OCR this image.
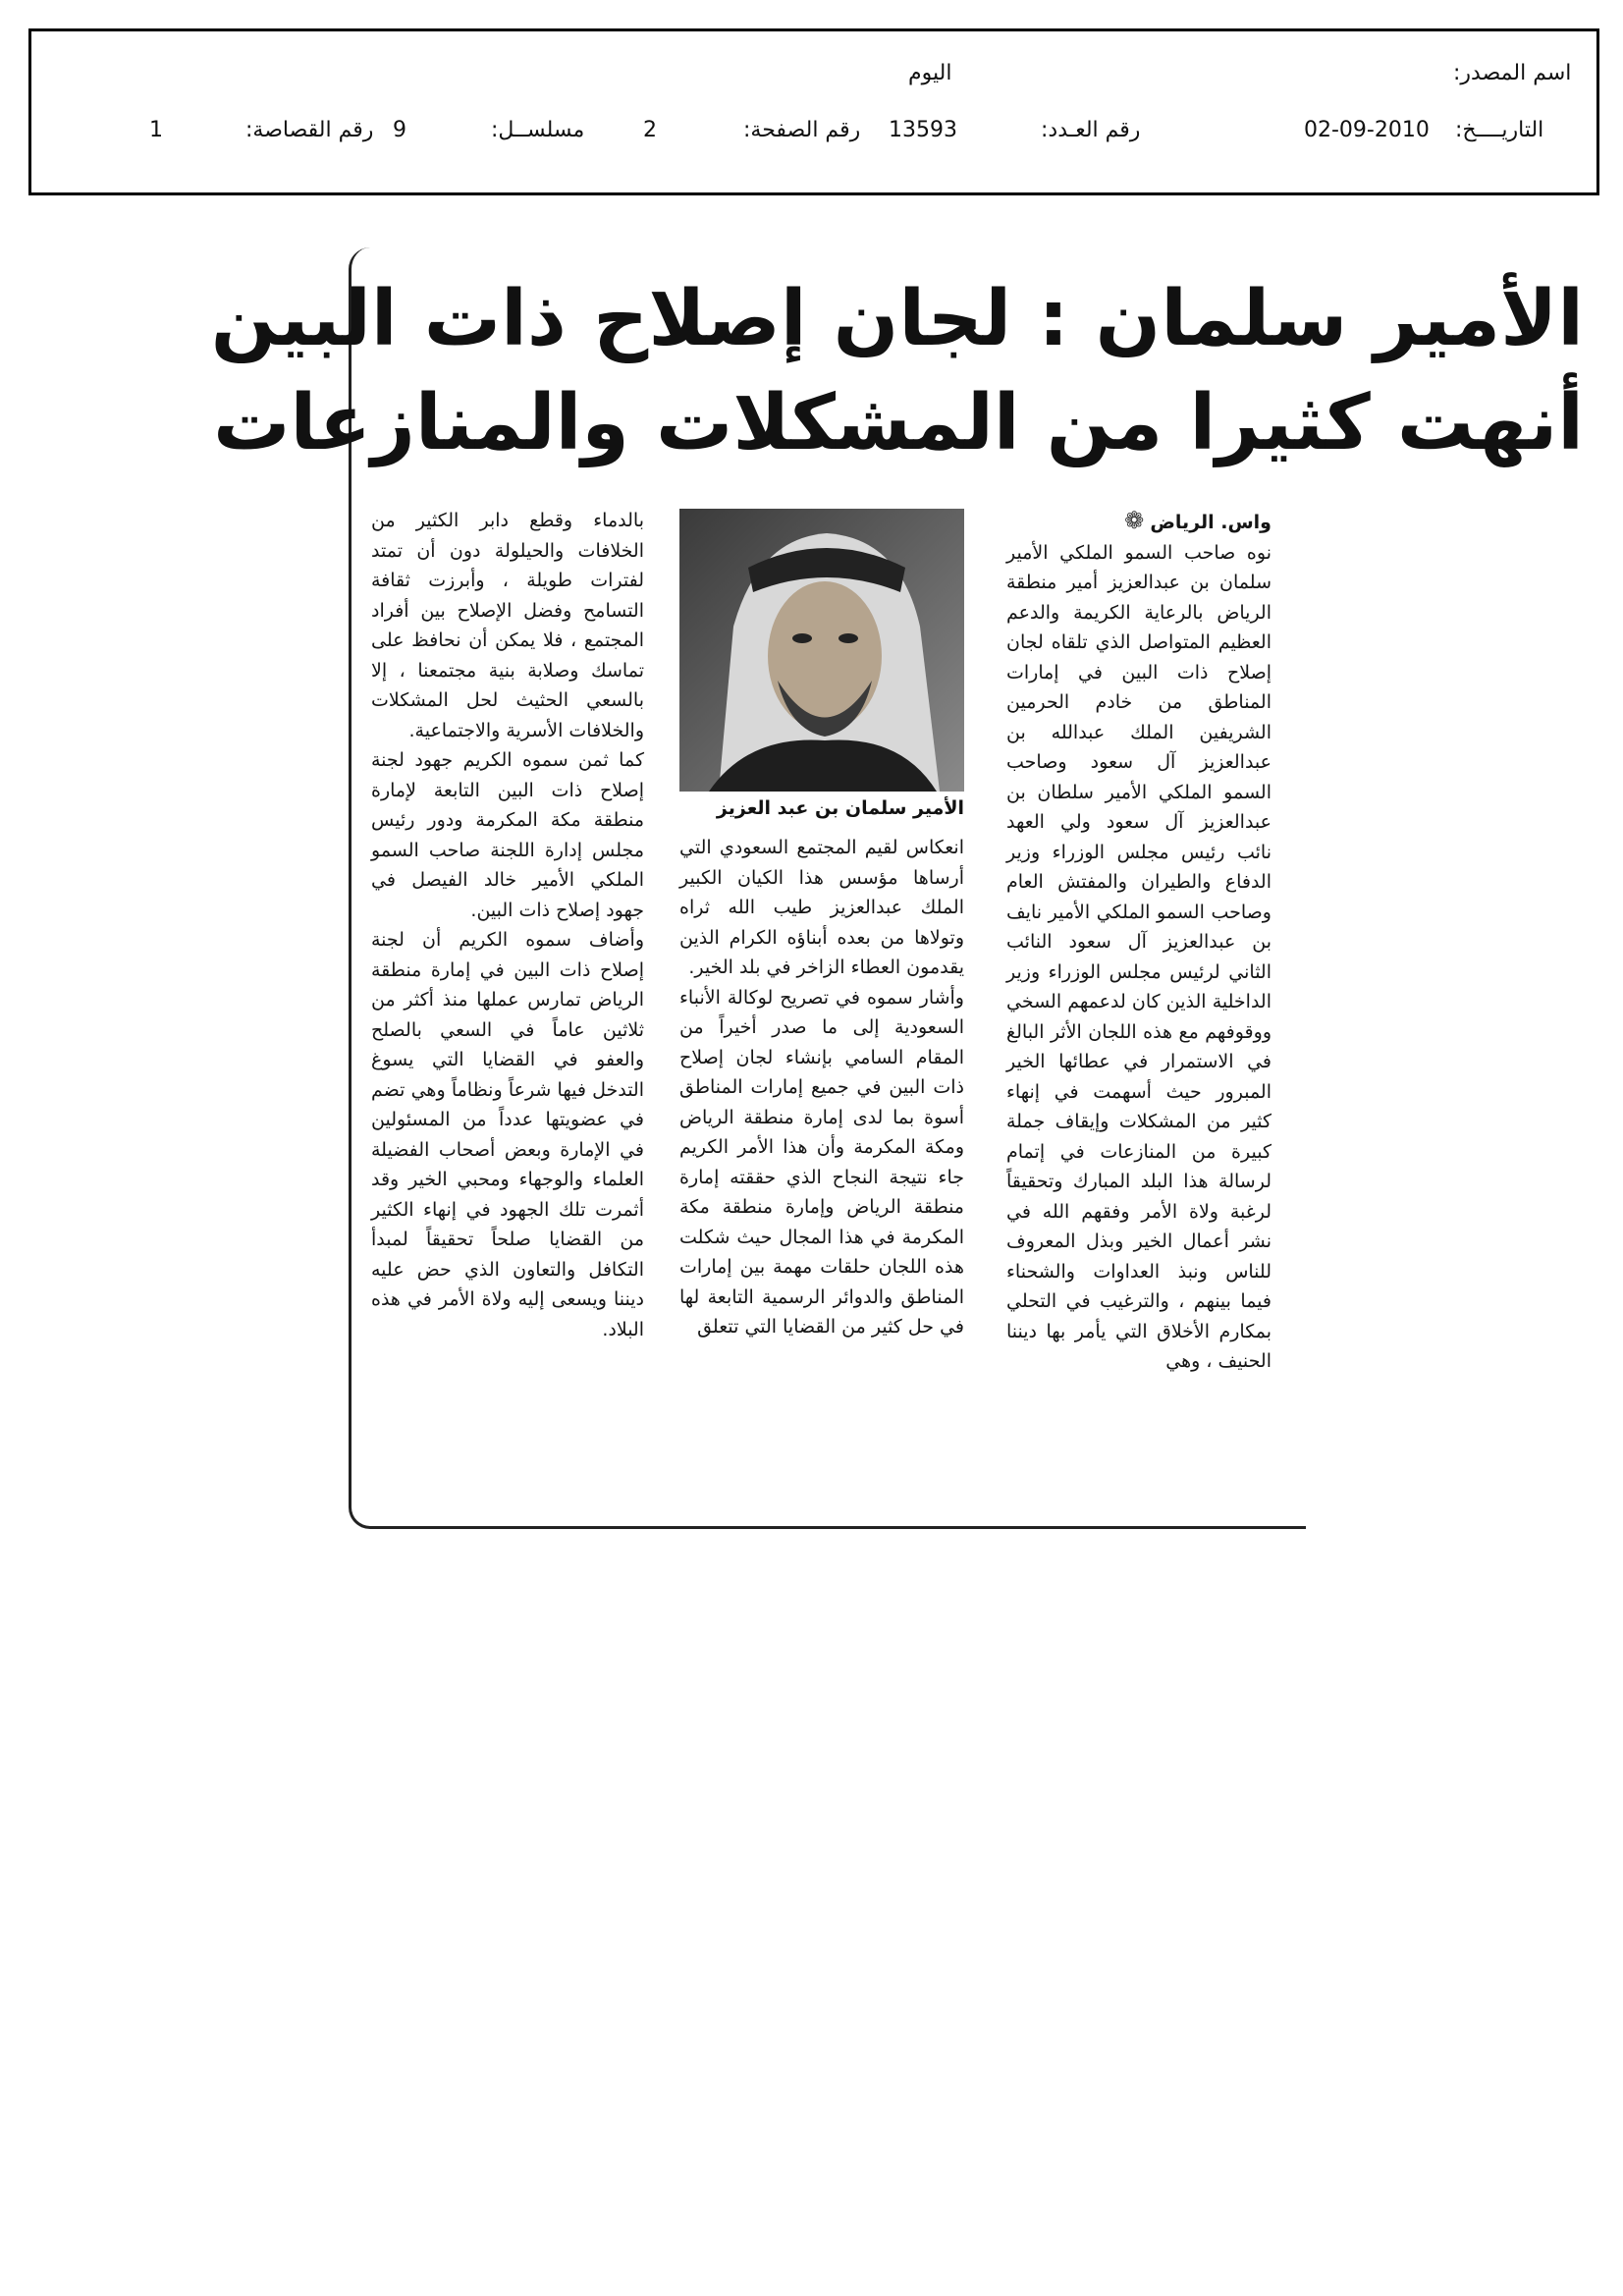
اسم المصدر:
اليوم
التاريــــخ:
02-09-2010
رقم العـدد:
13593
رقم الصفحة:
2
مسلســل:
9
رقم القصاصة:
1
الأمير سلمان : لجان إصلاح ذات البين
أنهت كثيرا من المشكلات والمنازعات

واس. الرياض ❁

نوه صاحب السمو الملكي الأمير سلمان بن عبدالعزيز أمير منطقة الرياض بالرعاية الكريمة والدعم العظيم المتواصل الذي تلقاه لجان إصلاح ذات البين في إمارات المناطق من خادم الحرمين الشريفين الملك عبدالله بن عبدالعزيز آل سعود وصاحب السمو الملكي الأمير سلطان بن عبدالعزيز آل سعود ولي العهد نائب رئيس مجلس الوزراء وزير الدفاع والطيران والمفتش العام وصاحب السمو الملكي الأمير نايف بن عبدالعزيز آل سعود النائب الثاني لرئيس مجلس الوزراء وزير الداخلية الذين كان لدعمهم السخي ووقوفهم مع هذه اللجان الأثر البالغ في الاستمرار في عطائها الخير المبرور حيث أسهمت في إنهاء كثير من المشكلات وإيقاف جملة كبيرة من المنازعات في إتمام لرسالة هذا البلد المبارك وتحقيقاً لرغبة ولاة الأمر وفقهم الله في نشر أعمال الخير وبذل المعروف للناس ونبذ العداوات والشحناء فيما بينهم ، والترغيب في التحلي بمكارم الأخلاق التي يأمر بها ديننا الحنيف ، وهي

الأمير سلمان بن عبد العزيز

انعكاس لقيم المجتمع السعودي التي أرساها مؤسس هذا الكيان الكبير الملك عبدالعزيز طيب الله ثراه وتولاها من بعده أبناؤه الكرام الذين يقدمون العطاء الزاخر في بلد الخير.

وأشار سموه في تصريح لوكالة الأنباء السعودية إلى ما صدر أخيراً من المقام السامي بإنشاء لجان إصلاح ذات البين في جميع إمارات المناطق أسوة بما لدى إمارة منطقة الرياض ومكة المكرمة وأن هذا الأمر الكريم جاء نتيجة النجاح الذي حققته إمارة منطقة الرياض وإمارة منطقة مكة المكرمة في هذا المجال حيث شكلت هذه اللجان حلقات مهمة بين إمارات المناطق والدوائر الرسمية التابعة لها في حل كثير من القضايا التي تتعلق

بالدماء وقطع دابر الكثير من الخلافات والحيلولة دون أن تمتد لفترات طويلة ، وأبرزت ثقافة التسامح وفضل الإصلاح بين أفراد المجتمع ، فلا يمكن أن نحافظ على تماسك وصلابة بنية مجتمعنا ، إلا بالسعي الحثيث لحل المشكلات والخلافات الأسرية والاجتماعية.

كما ثمن سموه الكريم جهود لجنة إصلاح ذات البين التابعة لإمارة منطقة مكة المكرمة ودور رئيس مجلس إدارة اللجنة صاحب السمو الملكي الأمير خالد الفيصل في جهود إصلاح ذات البين.

وأضاف سموه الكريم أن لجنة إصلاح ذات البين في إمارة منطقة الرياض تمارس عملها منذ أكثر من ثلاثين عاماً في السعي بالصلح والعفو في القضايا التي يسوغ التدخل فيها شرعاً ونظاماً وهي تضم في عضويتها عدداً من المسئولين في الإمارة وبعض أصحاب الفضيلة العلماء والوجهاء ومحبي الخير وقد أثمرت تلك الجهود في إنهاء الكثير من القضايا صلحاً تحقيقاً لمبدأ التكافل والتعاون الذي حض عليه ديننا ويسعى إليه ولاة الأمر في هذه البلاد.
